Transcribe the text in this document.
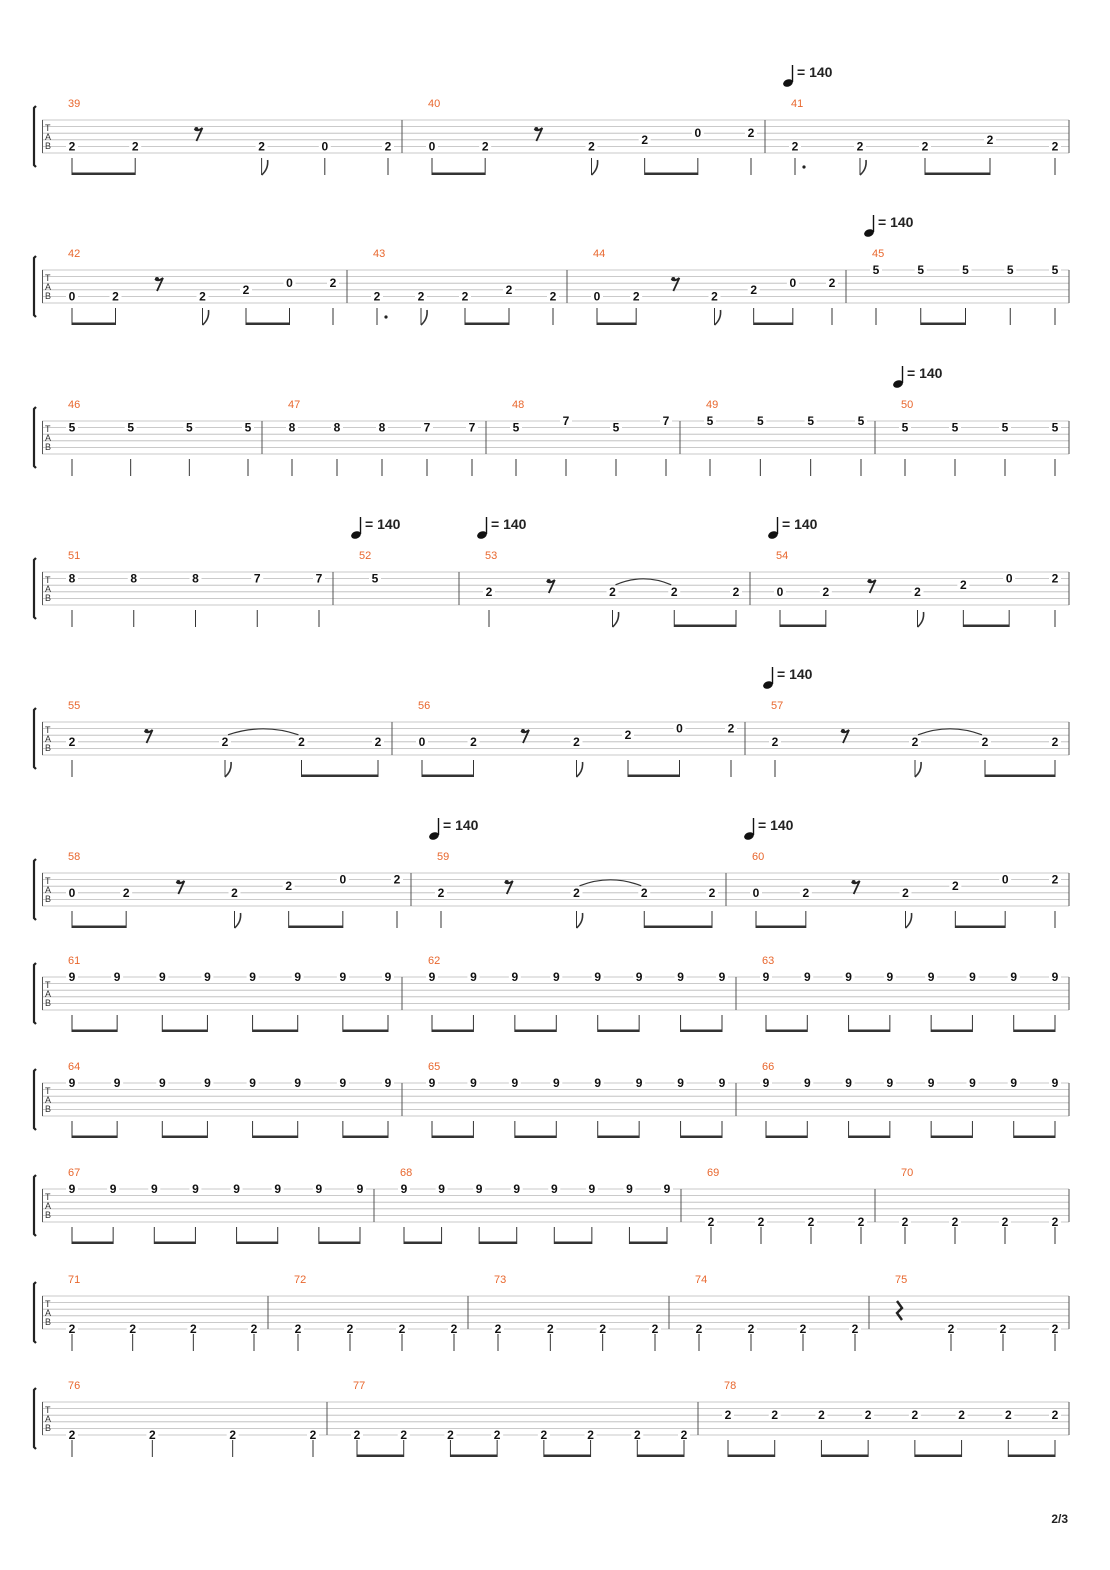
T
A
B
39
2	2	2	0	2
40
0	2	2	2	0	2
41
= 140
2	2	2	2	2
T
A
B
42
0	2	2	2	0	2
43
2	2	2	2	2
44
0	2	2	2	0	2
45
= 140
5	5	5	5	5
T
A
B
46
5	5	5	5
47
8	8	8	7	7
48
5	7	5	7
49
5	5	5	5
50
= 140
5	5	5	5
T
A
B
51
8	8	8	7	7
52
= 140
5
53
= 140
2	2	2	2
54
= 140
0	2	2	2	0	2
T
A
B
55
2	2	2	2
56
0	2	2	2	0	2
57
= 140
2	2	2	2
T
A
B
58
0	2	2	2	0	2
59
= 140
2	2	2	2
60
= 140
0	2	2	2	0	2
T
A
B
61
9	9	9	9	9	9	9	9
62
9	9	9	9	9	9	9	9
63
9	9	9	9	9	9	9	9
T
A
B
64
9	9	9	9	9	9	9	9
65
9	9	9	9	9	9	9	9
66
9	9	9	9	9	9	9	9
T
A
B
67
9	9	9	9	9	9	9	9
68
9	9	9	9	9	9	9	9
69
2	2	2	2
70
2	2	2	2
T
A
B
71
2	2	2	2
72
2	2	2	2
73
2	2	2	2
74
2	2	2	2
75
2	2	2
T
A
B
76
2	2	2	2
77
2	2	2	2	2	2	2	2
78
2	2	2	2	2	2	2	2
2/3
